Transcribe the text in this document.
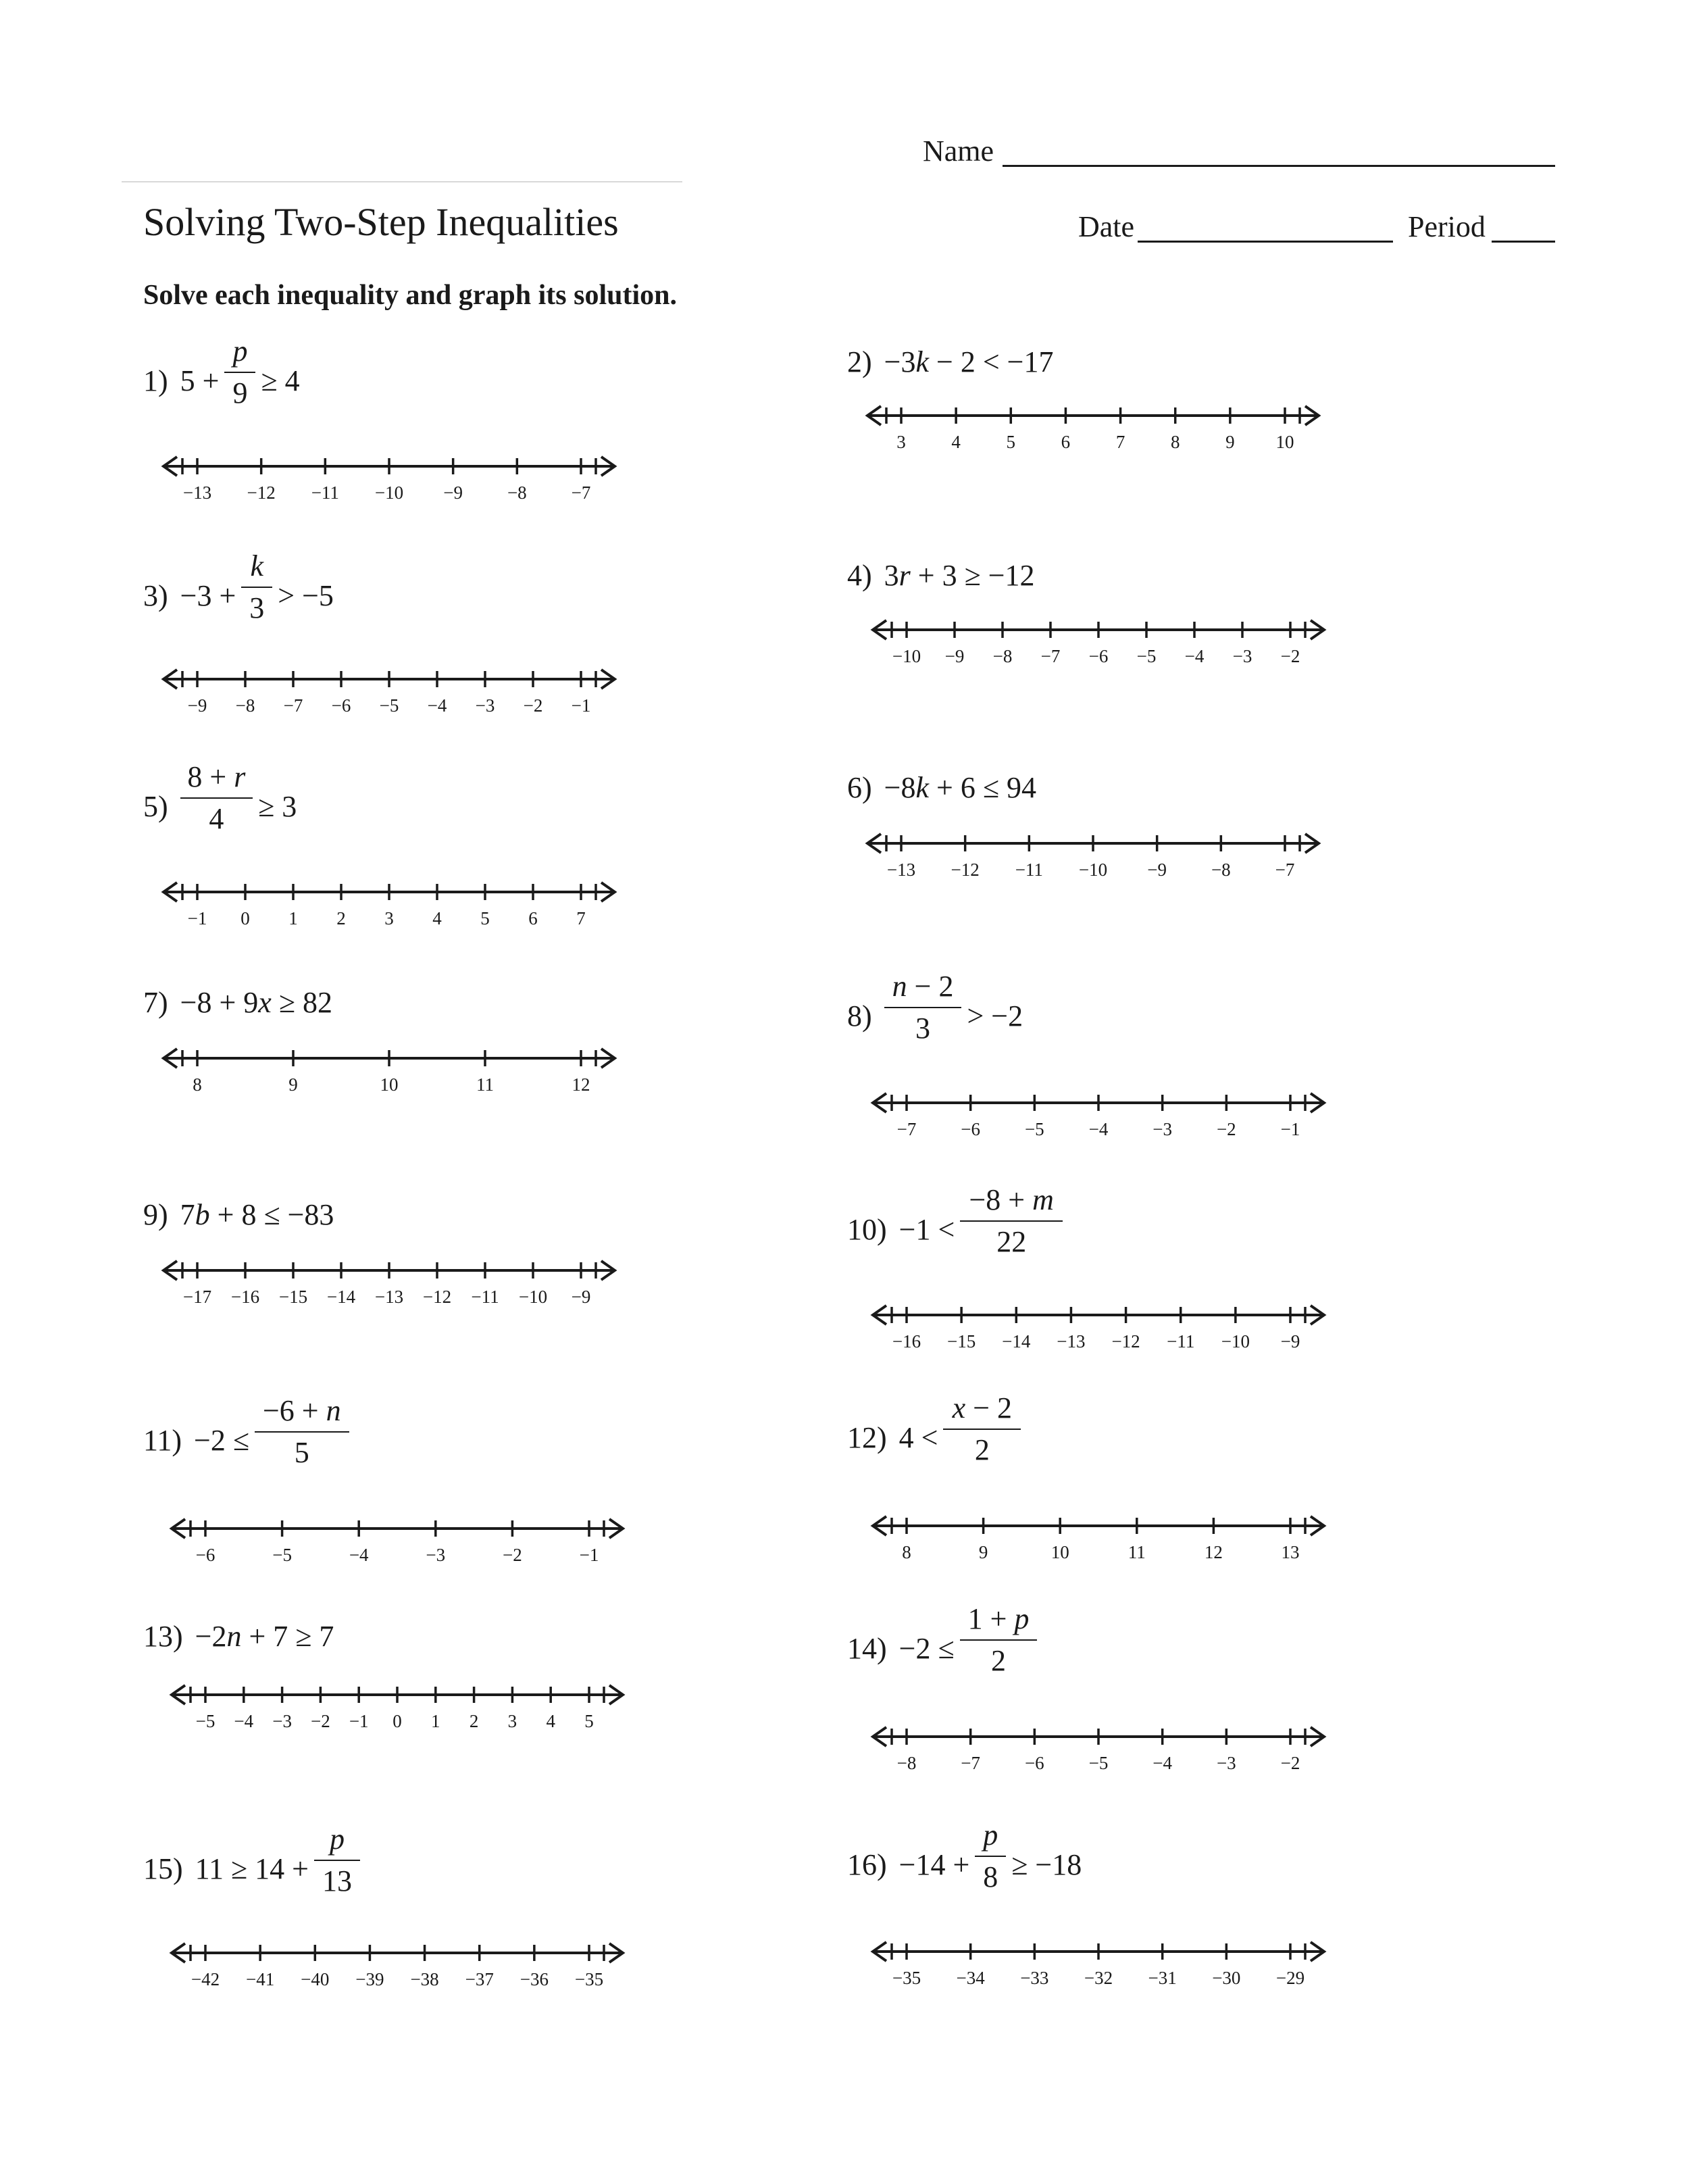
Name
Solving Two-Step Inequalities	Date	Period
Solve each inequality and graph its solution.
1) 5 +
p
9 ≥ 4
−13 −12 −11 −10 −9 −8 −7
2) −3k − 2 < −17
3	4	5	6	7	8	9 10
3) −3 +
k
3 > −5
−9 −8 −7 −6 −5 −4 −3 −2 −1
4) 3r + 3 ≥ −12
−10 −9 −8 −7 −6 −5 −4 −3 −2
5)
8 + r
4	≥ 3
−1 0 1 2 3 4 5 6 7
6) −8k + 6 ≤ 94
−13 −12 −11 −10 −9 −8 −7
7) −8 + 9x ≥ 82
8	9	10	11	12
8)
n − 2
3	> −2
−7 −6 −5 −4 −3 −2 −1
9) 7b + 8 ≤ −83
−17 −16 −15 −14 −13 −12 −11 −10 −9
10) −1 <
−8 + m
22
−16 −15 −14 −13 −12 −11 −10 −9
11) −2 ≤
−6 + n
5
−6	−5	−4	−3	−2	−1
12) 4 <
x − 2
2
8	9	10	11	12	13
13) −2n + 7 ≥ 7
−5 −4 −3 −2 −1 0 1 2 3 4 5
14) −2 ≤
1 + p
2
−8 −7 −6 −5 −4 −3 −2
15) 11 ≥ 14 +
p
13
−42 −41 −40 −39 −38 −37 −36 −35
16) −14 +
p
8 ≥ −18
−35 −34 −33 −32 −31 −30 −29
